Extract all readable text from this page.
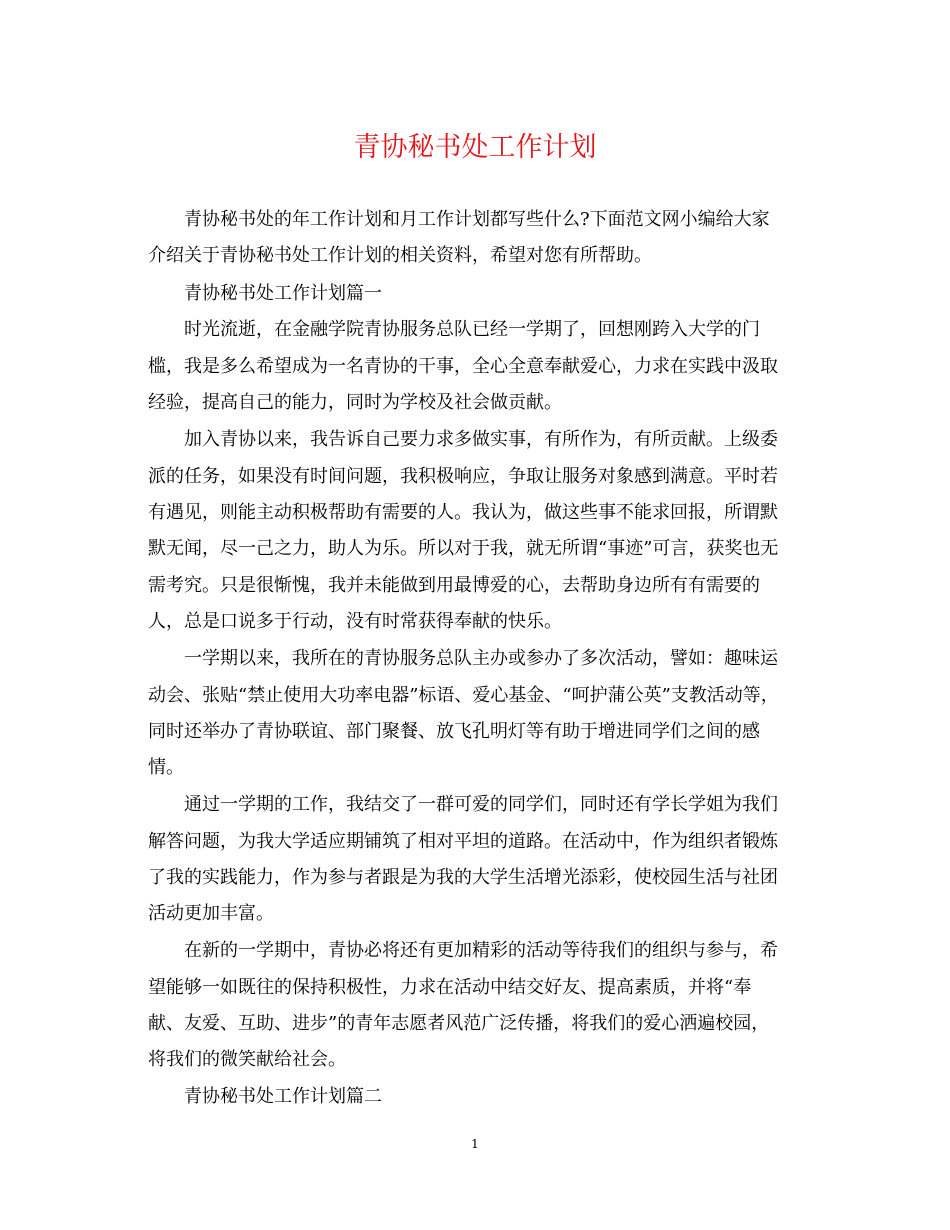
青协秘书处工作计划

青协秘书处的年工作计划和月工作计划都写些什么?下面范文网小编给大家

介绍关于青协秘书处工作计划的相关资料，希望对您有所帮助。

青协秘书处工作计划篇一

时光流逝，在金融学院青协服务总队已经一学期了，回想刚跨入大学的门

槛，我是多么希望成为一名青协的干事，全心全意奉献爱心，力求在实践中汲取

经验，提高自己的能力，同时为学校及社会做贡献。

加入青协以来，我告诉自己要力求多做实事，有所作为，有所贡献。上级委

派的任务，如果没有时间问题，我积极响应，争取让服务对象感到满意。平时若

有遇见，则能主动积极帮助有需要的人。我认为，做这些事不能求回报，所谓默

默无闻，尽一己之力，助人为乐。所以对于我，就无所谓“事迹”可言，获奖也无

需考究。只是很惭愧，我并未能做到用最博爱的心，去帮助身边所有有需要的

人，总是口说多于行动，没有时常获得奉献的快乐。

一学期以来，我所在的青协服务总队主办或参办了多次活动，譬如：趣味运

动会、张贴“禁止使用大功率电器”标语、爱心基金、“呵护蒲公英”支教活动等，

同时还举办了青协联谊、部门聚餐、放飞孔明灯等有助于增进同学们之间的感

情。

通过一学期的工作，我结交了一群可爱的同学们，同时还有学长学姐为我们

解答问题，为我大学适应期铺筑了相对平坦的道路。在活动中，作为组织者锻炼

了我的实践能力，作为参与者跟是为我的大学生活增光添彩，使校园生活与社团

活动更加丰富。

在新的一学期中，青协必将还有更加精彩的活动等待我们的组织与参与，希

望能够一如既往的保持积极性，力求在活动中结交好友、提高素质，并将“奉

献、友爱、互助、进步”的青年志愿者风范广泛传播，将我们的爱心洒遍校园，

将我们的微笑献给社会。

青协秘书处工作计划篇二

1
